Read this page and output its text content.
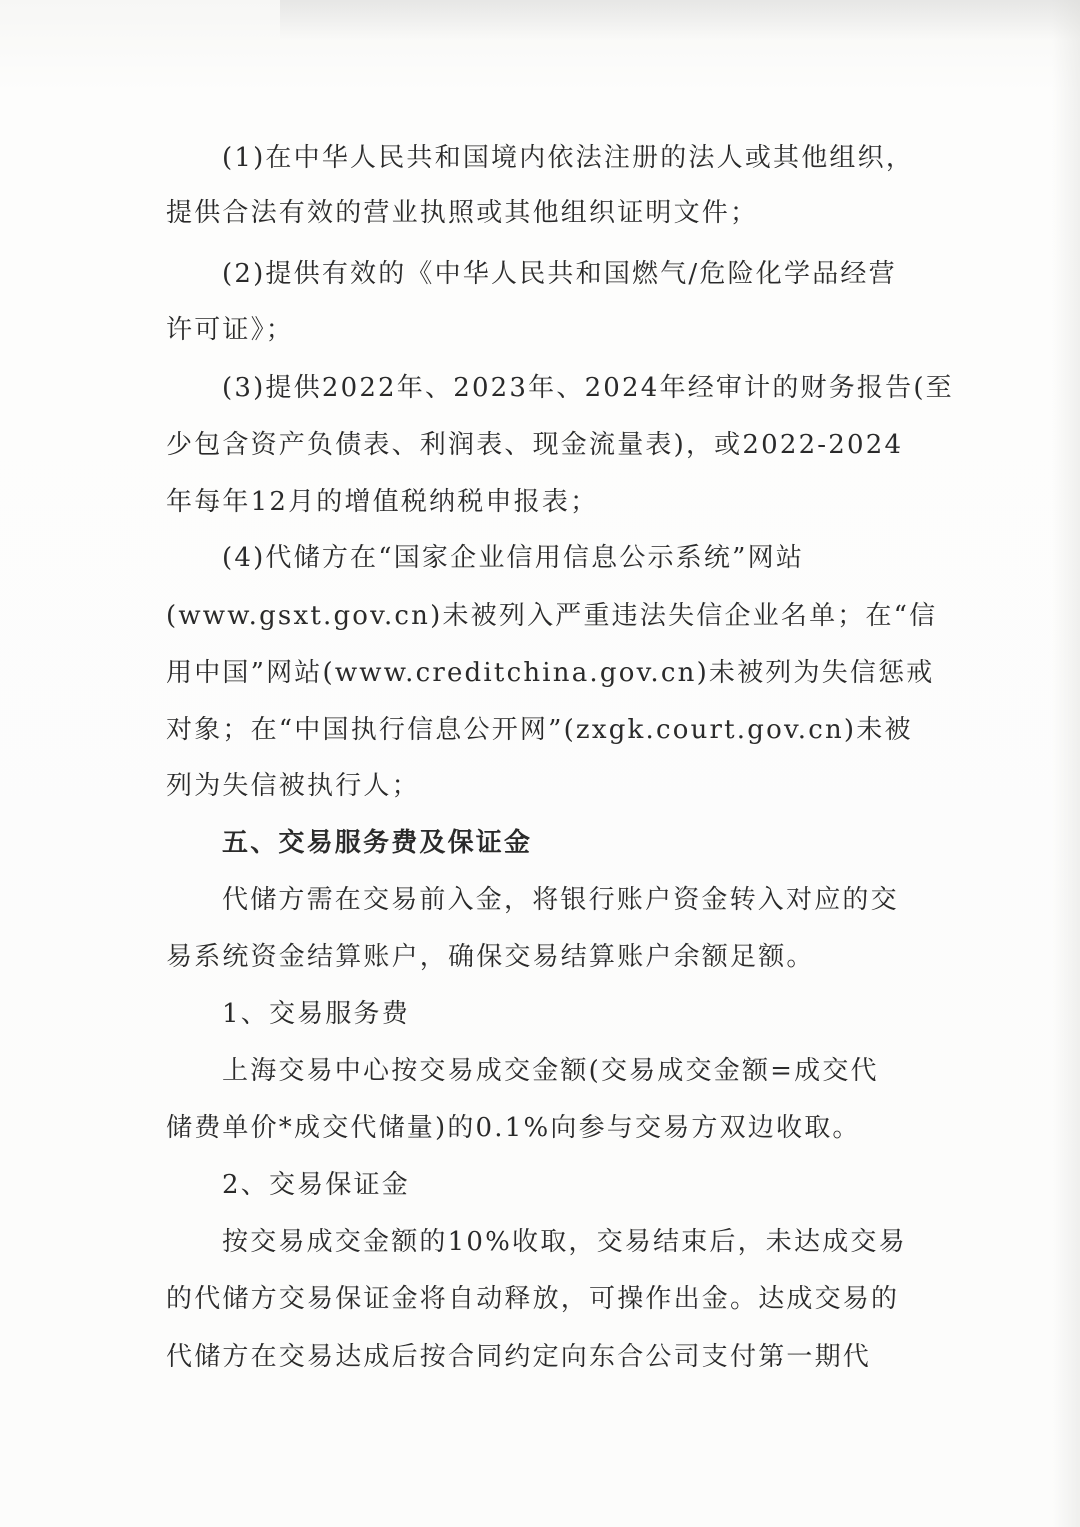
(1)在中华人民共和国境内依法注册的法人或其他组织，
提供合法有效的营业执照或其他组织证明文件；
(2)提供有效的《中华人民共和国燃气/危险化学品经营
许可证》；
(3)提供2022年、2023年、2024年经审计的财务报告(至
少包含资产负债表、利润表、现金流量表)，或2022-2024
年每年12月的增值税纳税申报表；
(4)代储方在“国家企业信用信息公示系统”网站
(www.gsxt.gov.cn)未被列入严重违法失信企业名单；在“信
用中国”网站(www.creditchina.gov.cn)未被列为失信惩戒
对象；在“中国执行信息公开网”(zxgk.court.gov.cn)未被
列为失信被执行人；
五、交易服务费及保证金
代储方需在交易前入金，将银行账户资金转入对应的交
易系统资金结算账户，确保交易结算账户余额足额。
1、交易服务费
上海交易中心按交易成交金额(交易成交金额=成交代
储费单价*成交代储量)的0.1%向参与交易方双边收取。
2、交易保证金
按交易成交金额的10%收取，交易结束后，未达成交易
的代储方交易保证金将自动释放，可操作出金。达成交易的
代储方在交易达成后按合同约定向东合公司支付第一期代
